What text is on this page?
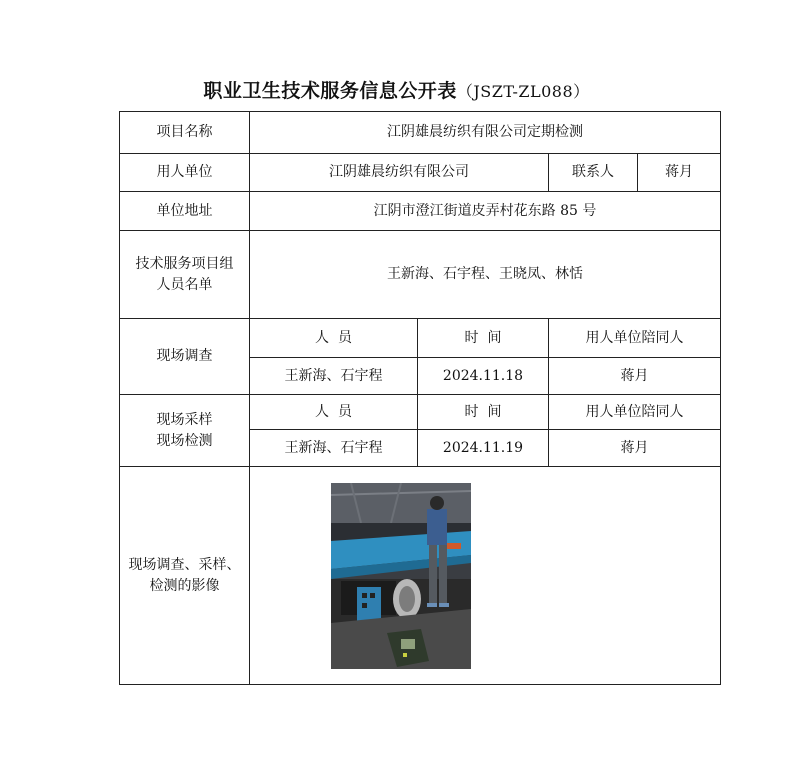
职业卫生技术服务信息公开表（JSZT-ZL088）
项目名称	江阴雄晨纺织有限公司定期检测			
用人单位	江阴雄晨纺织有限公司		联系人	蒋月
单位地址	江阴市澄江街道皮弄村花东路 85 号			
技术服务项目组
人员名单	王新海、石宇程、王晓凤、林恬			
现场调查	人  员	时  间	用人单位陪同人	
	王新海、石宇程	2024.11.18	蒋月	
现场采样
现场检测	人  员	时  间	用人单位陪同人	
	王新海、石宇程	2024.11.19	蒋月	
现场调查、采样、
检测的影像	
